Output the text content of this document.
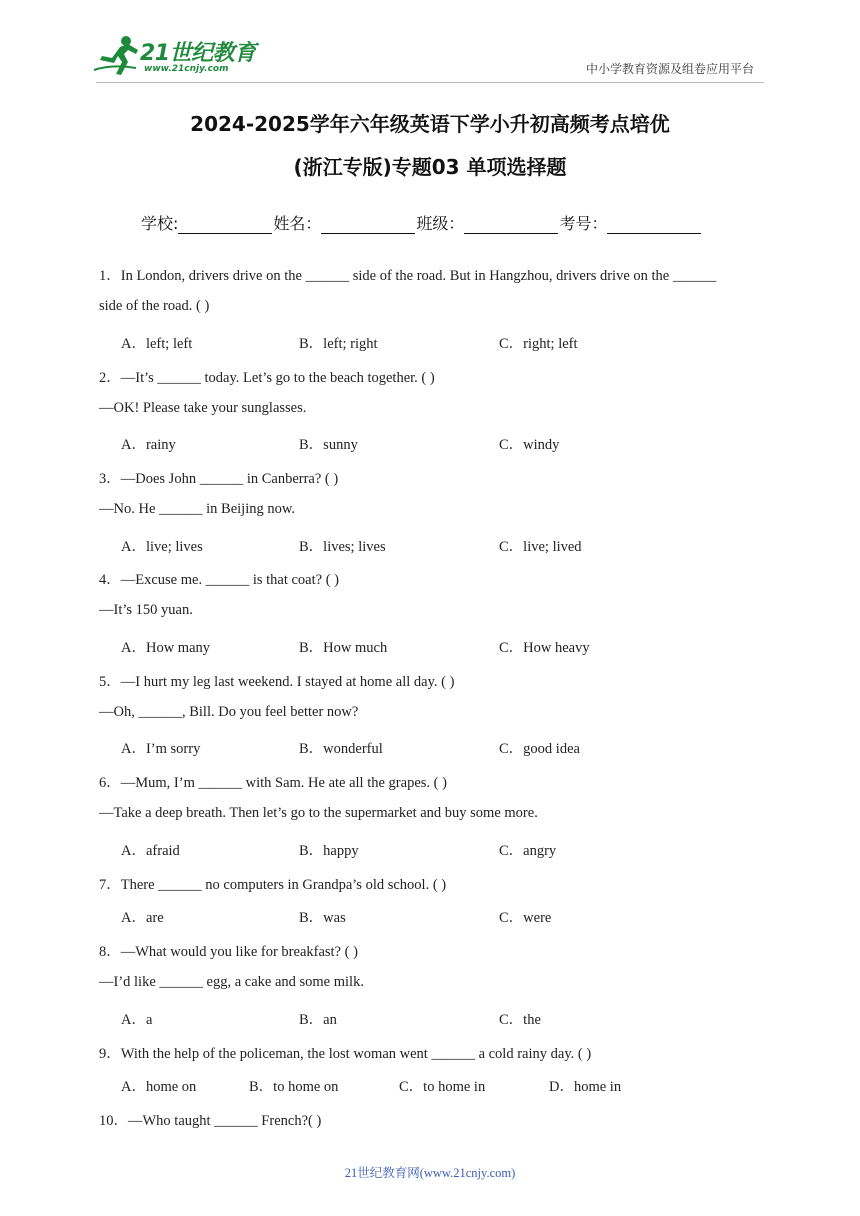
21世纪教育
www.21cnjy.com	中小学教育资源及组卷应用平台
2024-2025学年六年级英语下学小升初高频考点培优
(浙江专版)专题03 单项选择题
学校:	姓名：	班级：	考号：
1．In London, drivers drive on the ______ side of the road. But in Hangzhou, drivers drive on the ______
side of the road. ( )
A．left; left	B．left; right	C．right; left
2．—It’s ______ today. Let’s go to the beach together. ( )
—OK! Please take your sunglasses.
A．rainy	B．sunny	C．windy
3．—Does John ______ in Canberra? ( )
—No. He ______ in Beijing now.
A．live; lives	B．lives; lives	C．live; lived
4．—Excuse me. ______ is that coat? ( )
—It’s 150 yuan.
A．How many	B．How much	C．How heavy
5．—I hurt my leg last weekend. I stayed at home all day. ( )
—Oh, ______, Bill. Do you feel better now?
A．I’m sorry	B．wonderful	C．good idea
6．—Mum, I’m ______ with Sam. He ate all the grapes. ( )
—Take a deep breath. Then let’s go to the supermarket and buy some more.
A．afraid	B．happy	C．angry
7．There ______ no computers in Grandpa’s old school. ( )
A．are	B．was	C．were
8．—What would you like for breakfast? ( )
—I’d like ______ egg, a cake and some milk.
A．a	B．an	C．the
9．With the help of the policeman, the lost woman went ______ a cold rainy day. ( )
A．home on	B．to home on	C．to home in	D．home in
10．—Who taught ______ French?( )
21世纪教育网(www.21cnjy.com)
